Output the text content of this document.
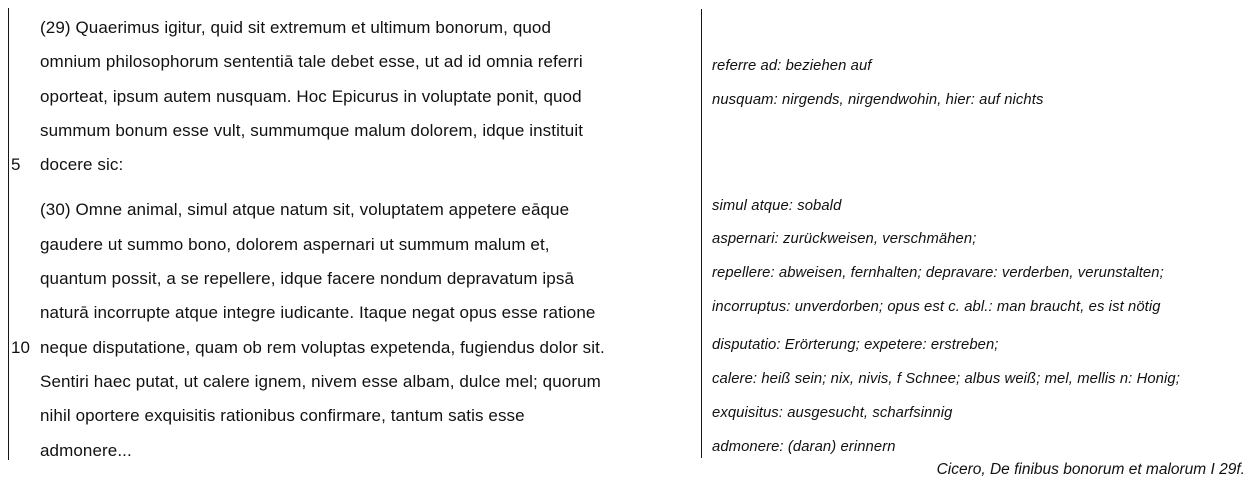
(29) Quaerimus igitur, quid sit extremum et ultimum bonorum, quod
omnium philosophorum sententiā tale debet esse, ut ad id omnia referri
oporteat, ipsum autem nusquam. Hoc Epicurus in voluptate ponit, quod
summum bonum esse vult, summumque malum dolorem, idque instituit
5	docere sic:
(30) Omne animal, simul atque natum sit, voluptatem appetere eāque
gaudere ut summo bono, dolorem aspernari ut summum malum et,
quantum possit, a se repellere, idque facere nondum depravatum ipsā
naturā incorrupte atque integre iudicante. Itaque negat opus esse ratione
10 neque disputatione, quam ob rem voluptas expetenda, fugiendus dolor sit.
Sentiri haec putat, ut calere ignem, nivem esse albam, dulce mel; quorum
nihil oportere exquisitis rationibus confirmare, tantum satis esse
admonere...
referre ad: beziehen auf
nusquam: nirgends, nirgendwohin, hier: auf nichts
simul atque: sobald
aspernari: zurückweisen, verschmähen;
repellere: abweisen, fernhalten; depravare: verderben, verunstalten;
incorruptus: unverdorben; opus est c. abl.: man braucht, es ist nötig
disputatio: Erörterung; expetere: erstreben;
calere: heiß sein; nix, nivis, f Schnee; albus weiß; mel, mellis n: Honig;
exquisitus: ausgesucht, scharfsinnig
admonere: (daran) erinnern
Cicero, De finibus bonorum et malorum I 29f.
